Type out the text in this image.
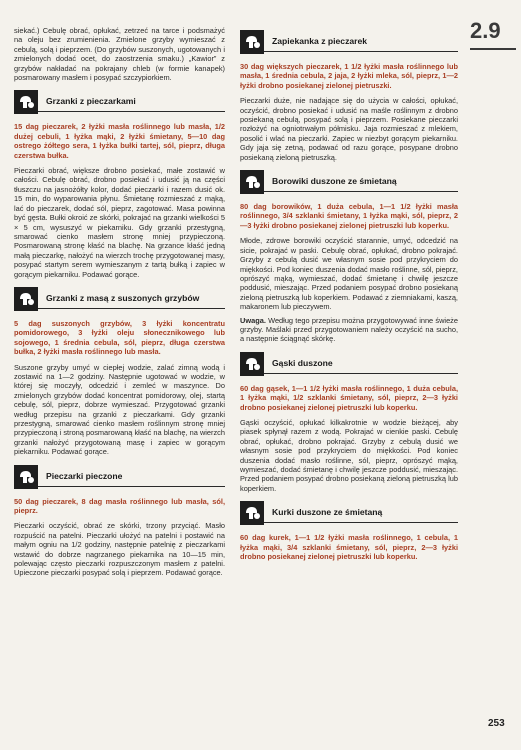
2.9

siekać.) Cebulę obrać, opłukać, zetrzeć na tarce i podsmażyć na oleju bez zrumienienia. Zmielone grzyby wymieszać z cebulą, solą i pieprzem. (Do grzybów suszonych, ugotowanych i zmielonych dodać ocet, do zaostrzenia smaku.) „Kawior” z grzybów nakładać na pokrajany chleb (w formie kanapek) posmarowany masłem i posypać szczypiorkiem.

Grzanki z pieczarkami

15 dag pieczarek, 2 łyżki masła roślinnego lub masła, 1/2 dużej cebuli, 1 łyżka mąki, 2 łyżki śmietany, 5—10 dag ostrego żółtego sera, 1 łyżka bułki tartej, sól, pieprz, długa czerstwa bułka.

Pieczarki obrać, większe drobno posiekać, małe zostawić w całości. Cebulę obrać, drobno posiekać i udusić ją na części tłuszczu na jasnożółty kolor, dodać pieczarki i razem dusić ok. 15 min, do wyparowania płynu. Śmietanę rozmieszać z mąką, lać do pieczarek, dodać sól, pieprz, zagotować. Masa powinna być gęsta. Bułki okroić ze skórki, pokrajać na grzanki wielkości 5 × 5 cm, wysuszyć w piekarniku. Gdy grzanki przestygną, smarować cienko masłem stronę mniej przypieczoną. Posmarowaną stronę kłaść na blachę. Na grzance kłaść jedną małą pieczarkę, nałożyć na wierzch trochę przygotowanej masy, posypać startym serem wymieszanym z tartą bułką i zapiec w gorącym piekarniku. Podawać gorące.

Grzanki z masą z suszonych grzybów

5 dag suszonych grzybów, 3 łyżki koncentratu pomidorowego, 3 łyżki oleju słonecznikowego lub sojowego, 1 średnia cebula, sól, pieprz, długa czerstwa bułka, 2 łyżki masła roślinnego lub masła.

Suszone grzyby umyć w ciepłej wodzie, zalać zimną wodą i zostawić na 1—2 godziny. Następnie ugotować w wodzie, w której się moczyły, odcedzić i zemleć w maszynce. Do zmielonych grzybów dodać koncentrat pomidorowy, olej, startą cebulę, sól, pieprz, dobrze wymieszać. Przygotować grzanki według przepisu na grzanki z pieczarkami. Gdy grzanki przestygną, smarować cienko masłem roślinnym stronę mniej przypieczoną i stroną posmarowaną kłaść na blachę, na wierzch grzanki nałożyć przygotowaną masę i zapiec w gorącym piekarniku. Podawać gorące.

Pieczarki pieczone

50 dag pieczarek, 8 dag masła roślinnego lub masła, sól, pieprz.

Pieczarki oczyścić, obrać ze skórki, trzony przyciąć. Masło rozpuścić na patelni. Pieczarki ułożyć na patelni i postawić na małym ogniu na 1/2 godziny, następnie patelnię z pieczarkami wstawić do dobrze nagrzanego piekarnika na 10—15 min, polewając często pieczarki rozpuszczonym masłem z patelni. Upieczone pieczarki posypać solą i pieprzem. Podawać gorące.

Zapiekanka z pieczarek

30 dag większych pieczarek, 1 1/2 łyżki masła roślinnego lub masła, 1 średnia cebula, 2 jaja, 2 łyżki mleka, sól, pieprz, 1—2 łyżki drobno posiekanej zielonej pietruszki.

Pieczarki duże, nie nadające się do użycia w całości, opłukać, oczyścić, drobno posiekać i udusić na maśle roślinnym z drobno posiekaną cebulą, posypać solą i pieprzem. Posiekane pieczarki rozłożyć na ogniotrwałym półmisku. Jaja rozmieszać z mlekiem, posolić i wlać na pieczarki. Zapiec w niezbyt gorącym piekarniku. Gdy jaja się zetną, podawać od razu gorące, posypane drobno posiekaną zieloną pietruszką.

Borowiki duszone ze śmietaną

80 dag borowików, 1 duża cebula, 1—1 1/2 łyżki masła roślinnego, 3/4 szklanki śmietany, 1 łyżka mąki, sól, pieprz, 2—3 łyżki drobno posiekanej zielonej pietruszki lub koperku.

Młode, zdrowe borowiki oczyścić starannie, umyć, odcedzić na sicie, pokrajać w paski. Cebulę obrać, opłukać, drobno pokrajać. Grzyby z cebulą dusić we własnym sosie pod przykryciem do miękkości. Pod koniec duszenia dodać masło roślinne, sól, pieprz, oprószyć mąką, wymieszać, dodać śmietanę i chwilę jeszcze poddusić, mieszając. Przed podaniem posypać drobno posiekaną zieloną pietruszką lub koperkiem. Podawać z ziemniakami, kaszą, makaronem lub pieczywem.

Uwaga. Według tego przepisu można przygotowywać inne świeże grzyby. Maślaki przed przygotowaniem należy oczyścić na sucho, a następnie ściągnąć skórkę.

Gąski duszone

60 dag gąsek, 1—1 1/2 łyżki masła roślinnego, 1 duża cebula, 1 łyżka mąki, 1/2 szklanki śmietany, sól, pieprz, 2—3 łyżki drobno posiekanej zielonej pietruszki lub koperku.

Gąski oczyścić, opłukać kilkakrotnie w wodzie bieżącej, aby piasek spłynął razem z wodą. Pokrajać w cienkie paski. Cebulę obrać, opłukać, drobno pokrajać. Grzyby z cebulą dusić we własnym sosie pod przykryciem do miękkości. Pod koniec duszenia dodać masło roślinne, sól, pieprz, oprószyć mąką, wymieszać, dodać śmietanę i chwilę jeszcze poddusić, mieszając. Przed podaniem posypać drobno posiekaną zieloną pietruszką lub koperkiem.

Kurki duszone ze śmietaną

60 dag kurek, 1—1 1/2 łyżki masła roślinnego, 1 cebula, 1 łyżka mąki, 3/4 szklanki śmietany, sól, pieprz, 2—3 łyżki drobno posiekanej zielonej pietruszki lub koperku.

253
